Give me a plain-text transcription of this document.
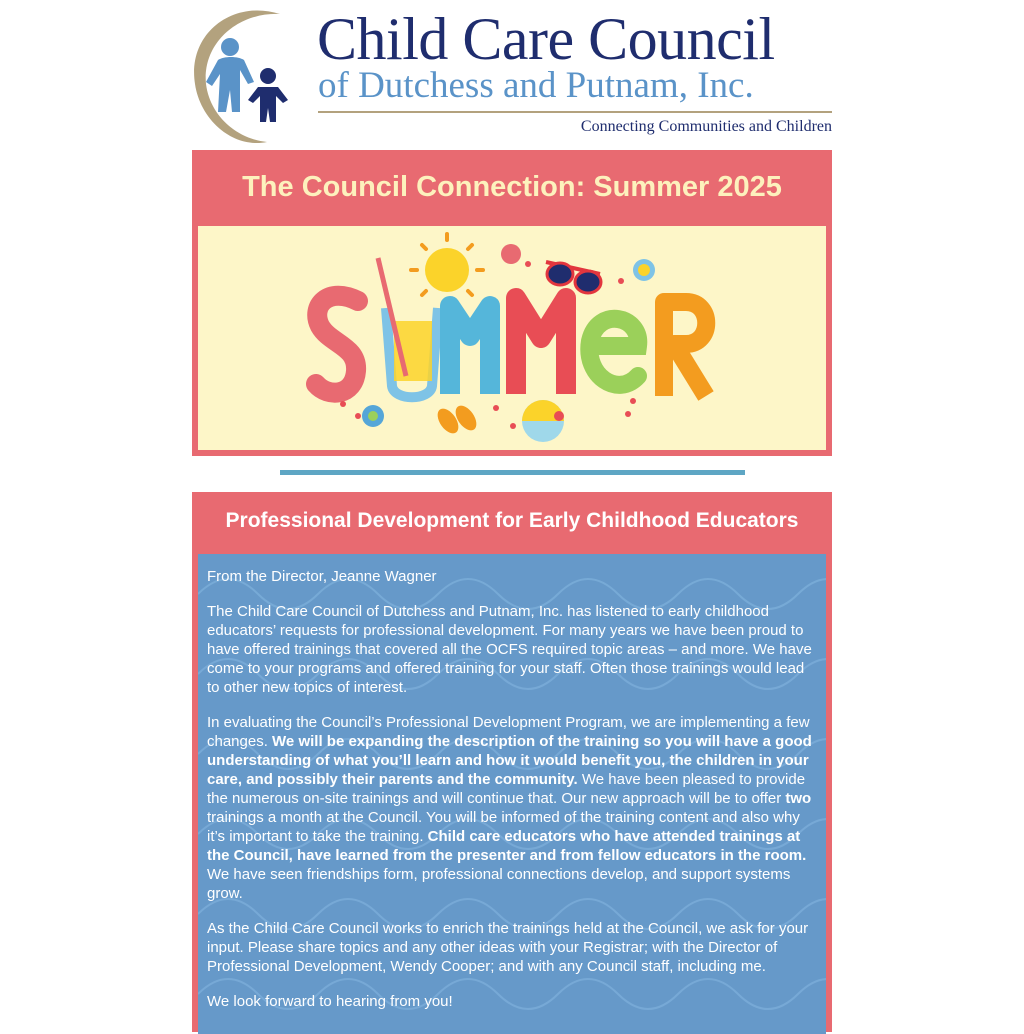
Child Care Council
of Dutchess and Putnam, Inc.
Connecting Communities and Children
The Council Connection: Summer 2025
Professional Development for Early Childhood Educators

From the Director, Jeanne Wagner

The Child Care Council of Dutchess and Putnam, Inc. has listened to early childhood educators’ requests for professional development. For many years we have been proud to have offered trainings that covered all the OCFS required topic areas – and more. We have come to your programs and offered training for your staff. Often those trainings would lead to other new topics of interest.

In evaluating the Council’s Professional Development Program, we are implementing a few changes. We will be expanding the description of the training so you will have a good understanding of what you’ll learn and how it would benefit you, the children in your care, and possibly their parents and the community. We have been pleased to provide the numerous on-site trainings and will continue that. Our new approach will be to offer two trainings a month at the Council. You will be informed of the training content and also why it’s important to take the training. Child care educators who have attended trainings at the Council, have learned from the presenter and from fellow educators in the room. We have seen friendships form, professional connections develop, and support systems grow.

As the Child Care Council works to enrich the trainings held at the Council, we ask for your input. Please share topics and any other ideas with your Registrar; with the Director of Professional Development, Wendy Cooper; and with any Council staff, including me.

We look forward to hearing from you!
